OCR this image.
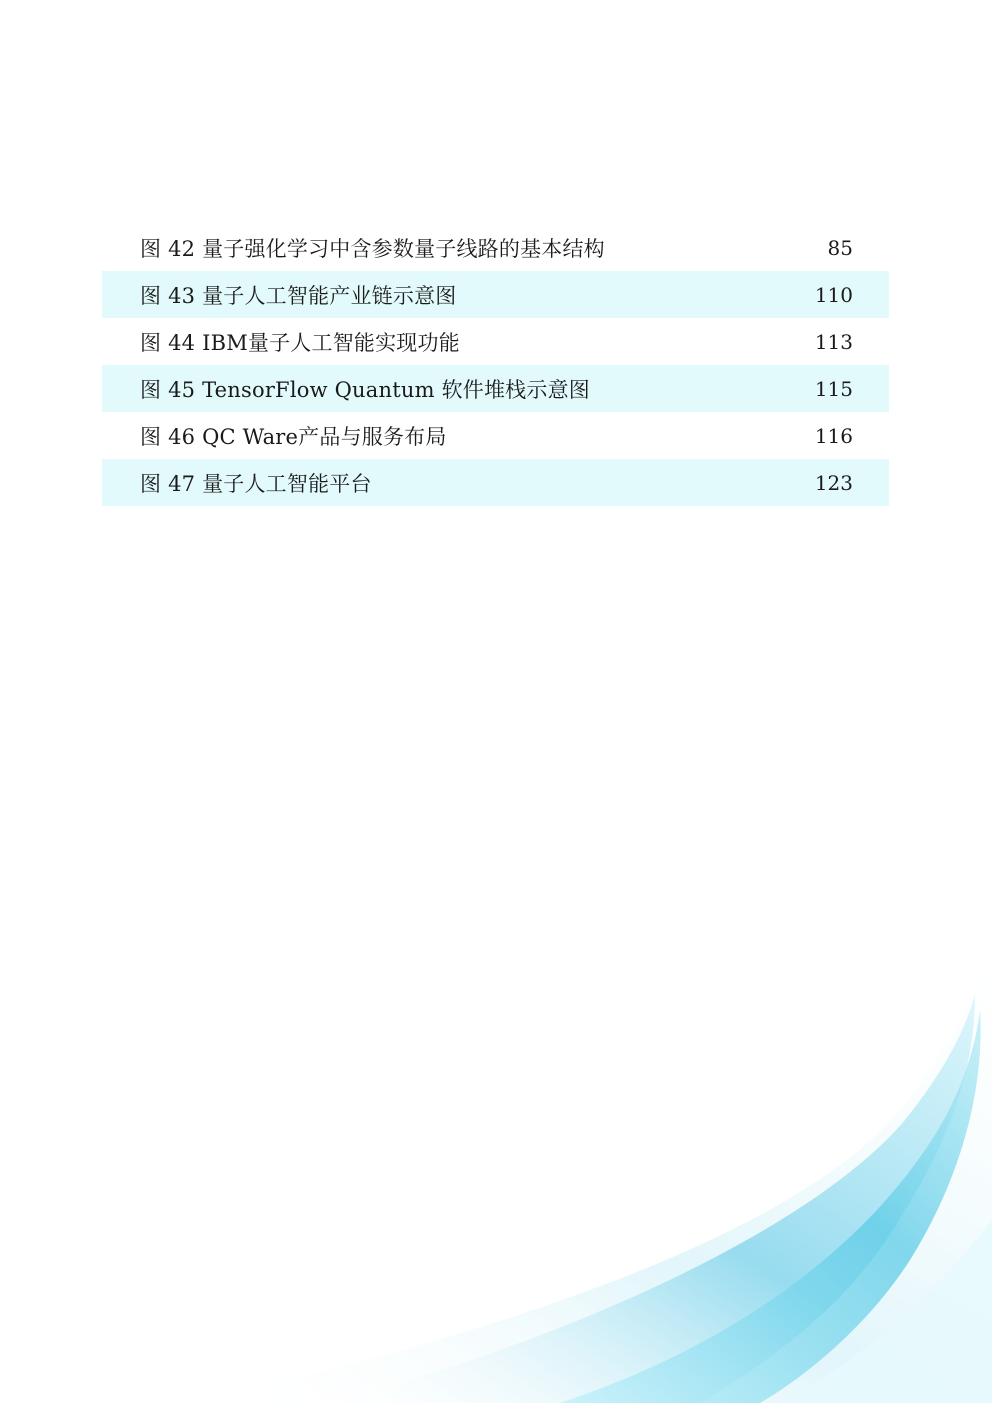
图 42 量子强化学习中含参数量子线路的基本结构	85
图 43 量子人工智能产业链示意图	110
图 44 IBM量子人工智能实现功能	113
图 45 TensorFlow Quantum 软件堆栈示意图	115
图 46 QC Ware产品与服务布局	116
图 47 量子人工智能平台	123
